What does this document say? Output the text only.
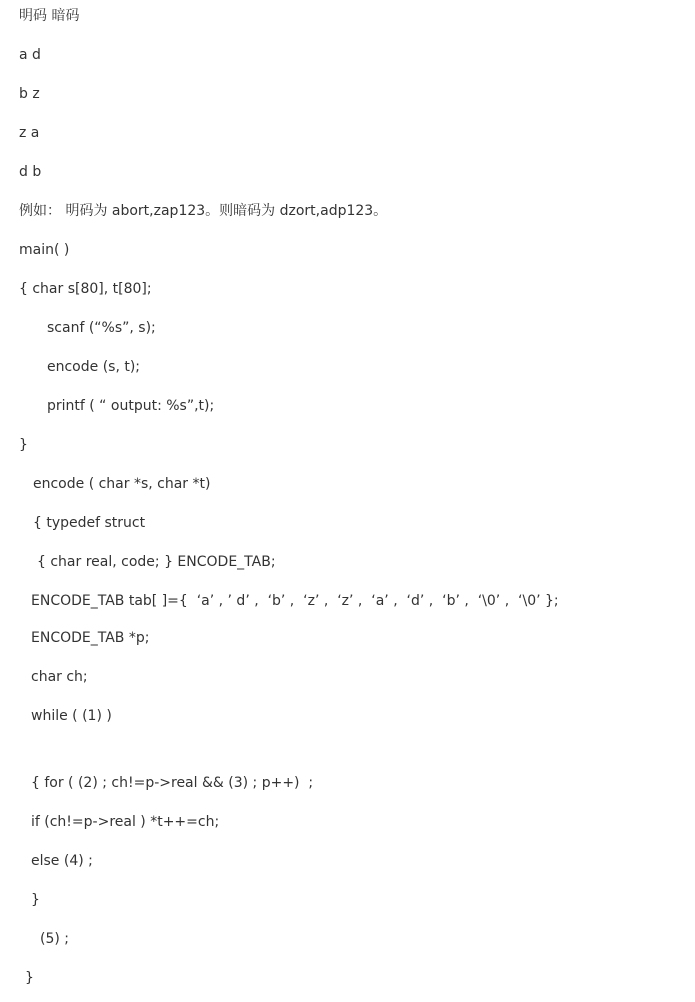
明码 暗码
a d
b z
z a
d b
例如： 明码为 abort,zap123。则暗码为 dzort,adp123。
main( )
{ char s[80], t[80];
scanf (“%s”, s);
encode (s, t);
printf ( “ output: %s”,t);
}
encode ( char *s, char *t)
{ typedef struct
{ char real, code; } ENCODE_TAB;
ENCODE_TAB tab[ ]={  ‘a’ , ’ d’ ,  ‘b’ ,  ‘z’ ,  ‘z’ ,  ‘a’ ,  ‘d’ ,  ‘b’ ,  ‘\0’ ,  ‘\0’ };
ENCODE_TAB *p;
char ch;
while ( (1) )
{ for ( (2) ; ch!=p->real && (3) ; p++)  ;
if (ch!=p->real ) *t++=ch;
else (4) ;
}
(5) ;
}
